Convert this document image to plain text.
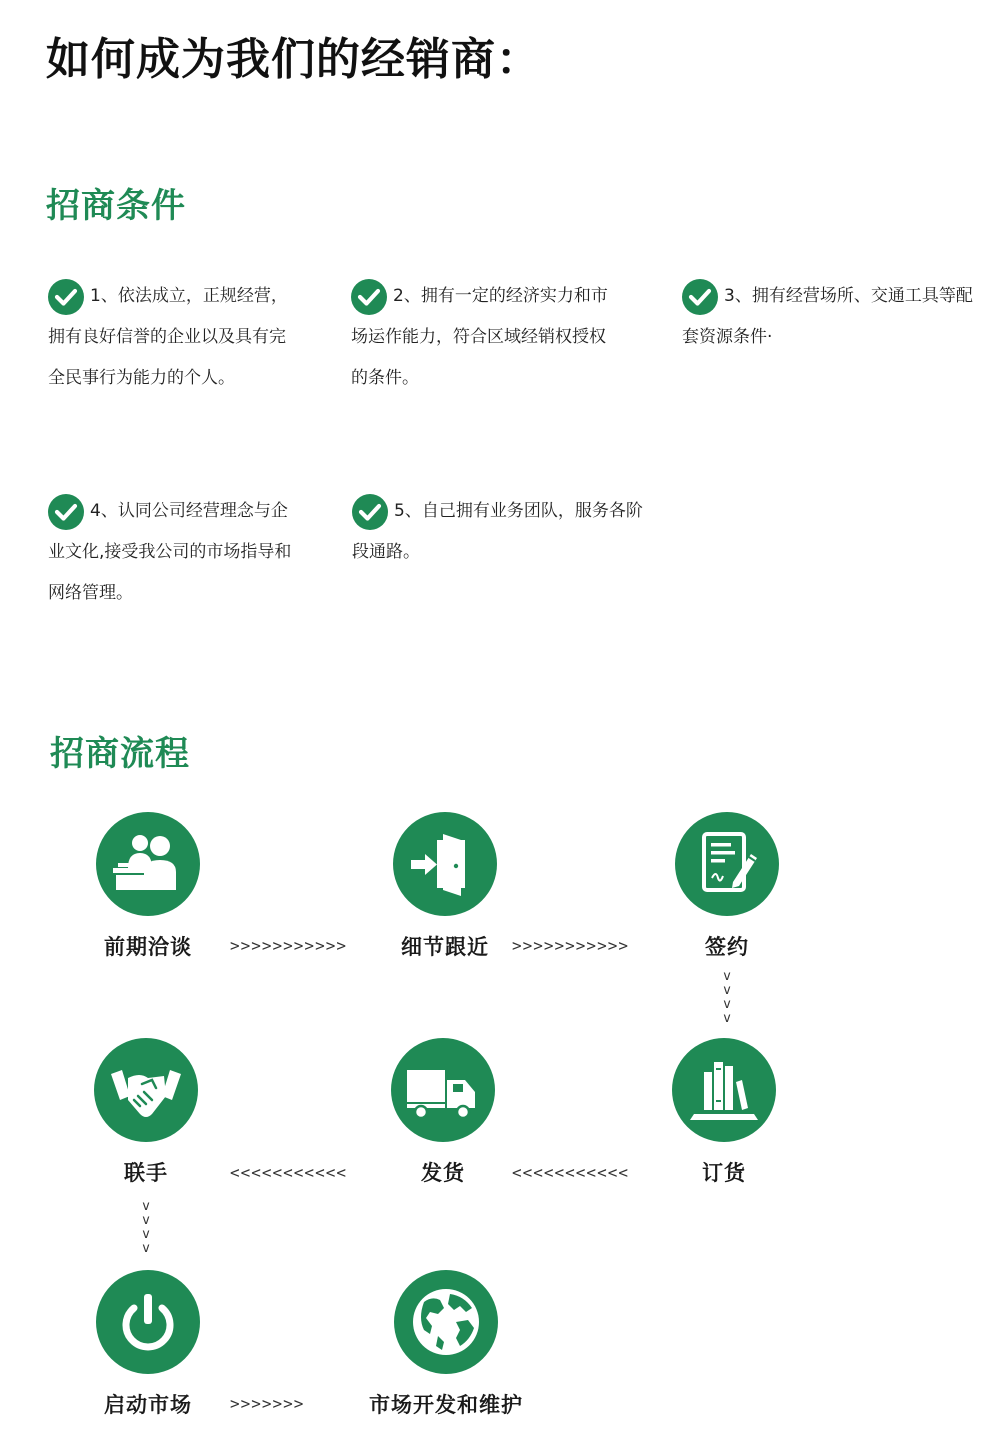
如何成为我们的经销商：
招商条件
1、依法成立，正规经营，拥有良好信誉的企业以及具有完全民事行为能力的个人。
2、拥有一定的经济实力和市场运作能力，符合区域经销权授权的条件。
3、拥有经营场所、交通工具等配套资源条件·
4、认同公司经营理念与企业文化,接受我公司的市场指导和网络管理。
5、自己拥有业务团队，服务各阶段通路。
招商流程
前期洽谈	细节跟近	签约
联手	发货	订货
启动市场	市场开发和维护
>>>>>>>>>>>	>>>>>>>>>>>
<<<<<<<<<<<	<<<<<<<<<<<
>>>>>>>
v
v
v
v
v
v
v
v
